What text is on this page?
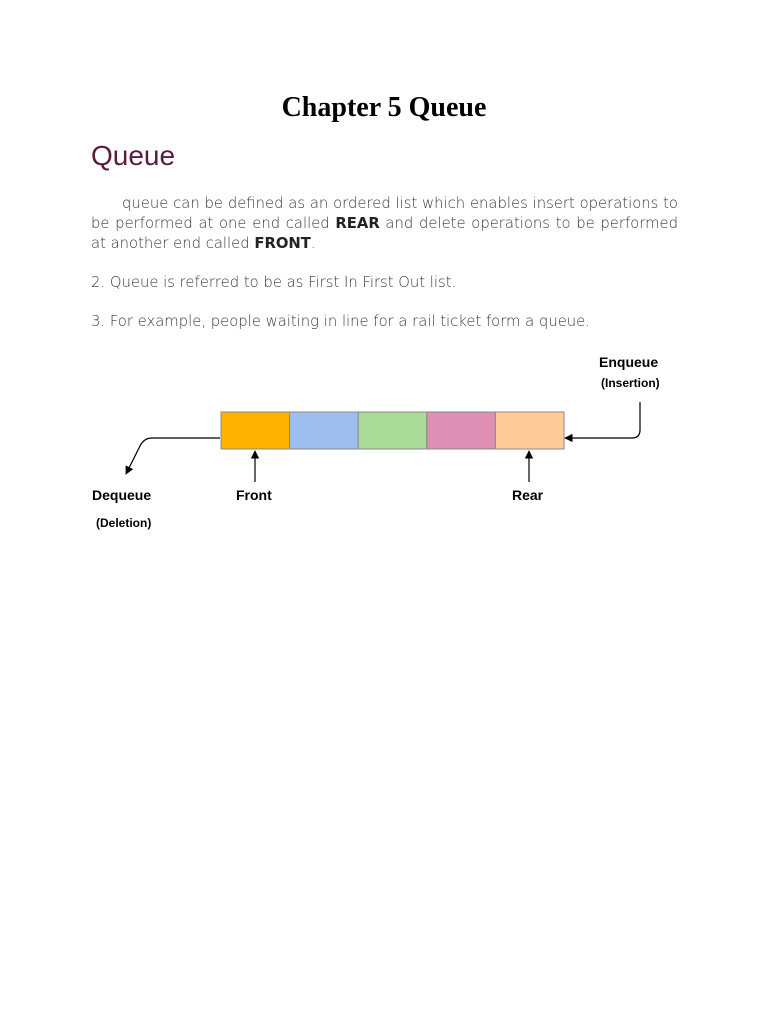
Chapter 5 Queue
Queue

queue can be defined as an ordered list which enables insert operations to be performed at one end called REAR and delete operations to be performed at another end called FRONT.

2. Queue is referred to be as First In First Out list.

3. For example, people waiting in line for a rail ticket form a queue.

Enqueue
(Insertion)
Dequeue
(Deletion)
Front	Rear
